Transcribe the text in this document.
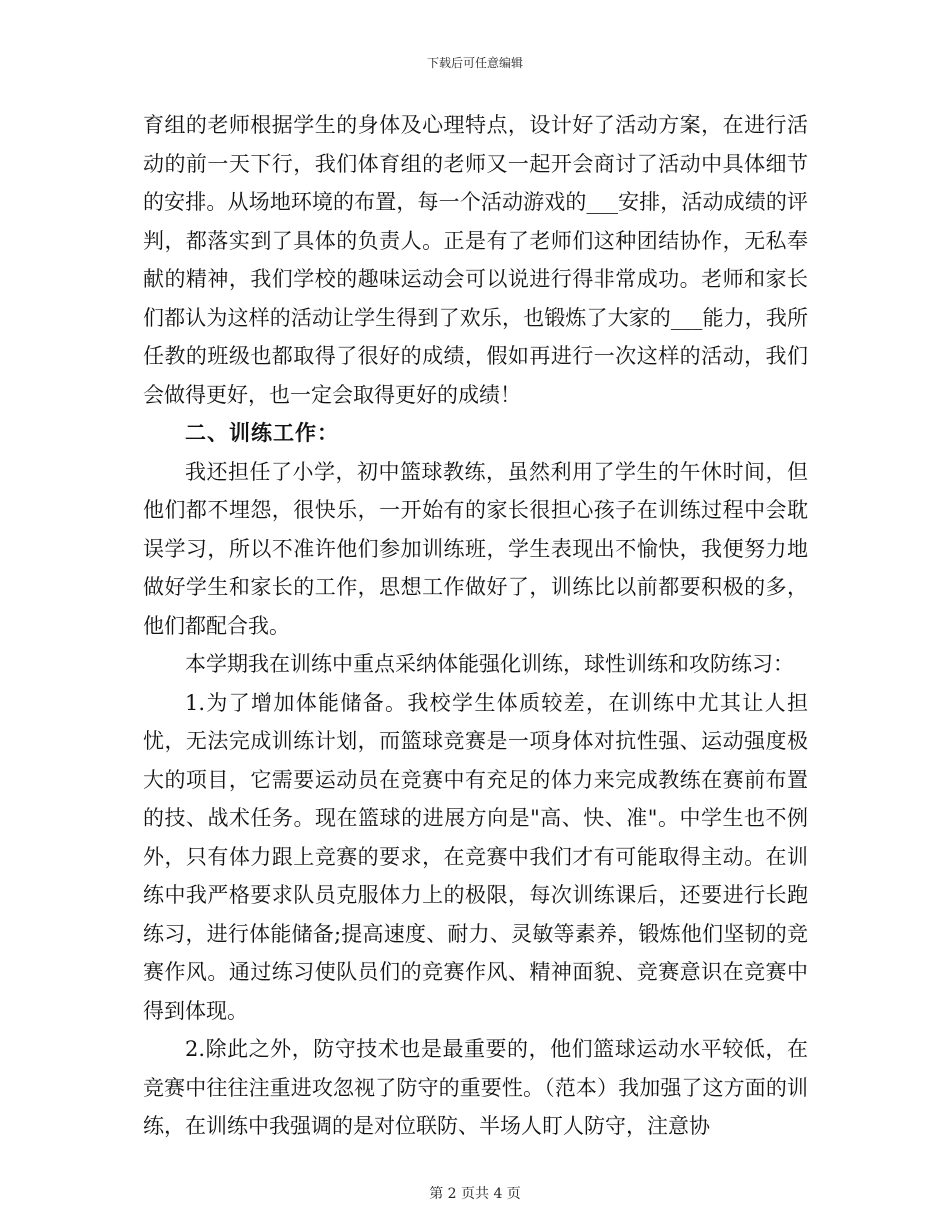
下载后可任意编辑

育组的老师根据学生的身体及心理特点，设计好了活动方案，在进行活动的前一天下行，我们体育组的老师又一起开会商讨了活动中具体细节的安排。从场地环境的布置，每一个活动游戏的___安排，活动成绩的评判，都落实到了具体的负责人。正是有了老师们这种团结协作，无私奉献的精神，我们学校的趣味运动会可以说进行得非常成功。老师和家长们都认为这样的活动让学生得到了欢乐，也锻炼了大家的___能力，我所任教的班级也都取得了很好的成绩，假如再进行一次这样的活动，我们会做得更好，也一定会取得更好的成绩！

二、训练工作：

我还担任了小学，初中篮球教练，虽然利用了学生的午休时间，但他们都不埋怨，很快乐，一开始有的家长很担心孩子在训练过程中会耽误学习，所以不准许他们参加训练班，学生表现出不愉快，我便努力地做好学生和家长的工作，思想工作做好了，训练比以前都要积极的多，他们都配合我。

本学期我在训练中重点采纳体能强化训练，球性训练和攻防练习：

1.为了增加体能储备。我校学生体质较差，在训练中尤其让人担忧，无法完成训练计划，而篮球竞赛是一项身体对抗性强、运动强度极大的项目，它需要运动员在竞赛中有充足的体力来完成教练在赛前布置的技、战术任务。现在篮球的进展方向是"高、快、准"。中学生也不例外，只有体力跟上竞赛的要求，在竞赛中我们才有可能取得主动。在训练中我严格要求队员克服体力上的极限，每次训练课后，还要进行长跑练习，进行体能储备;提高速度、耐力、灵敏等素养，锻炼他们坚韧的竞赛作风。通过练习使队员们的竞赛作风、精神面貌、竞赛意识在竞赛中得到体现。

2.除此之外，防守技术也是最重要的，他们篮球运动水平较低，在竞赛中往往注重进攻忽视了防守的重要性。（范本）我加强了这方面的训练，在训练中我强调的是对位联防、半场人盯人防守，注意协

第 2 页共 4 页
